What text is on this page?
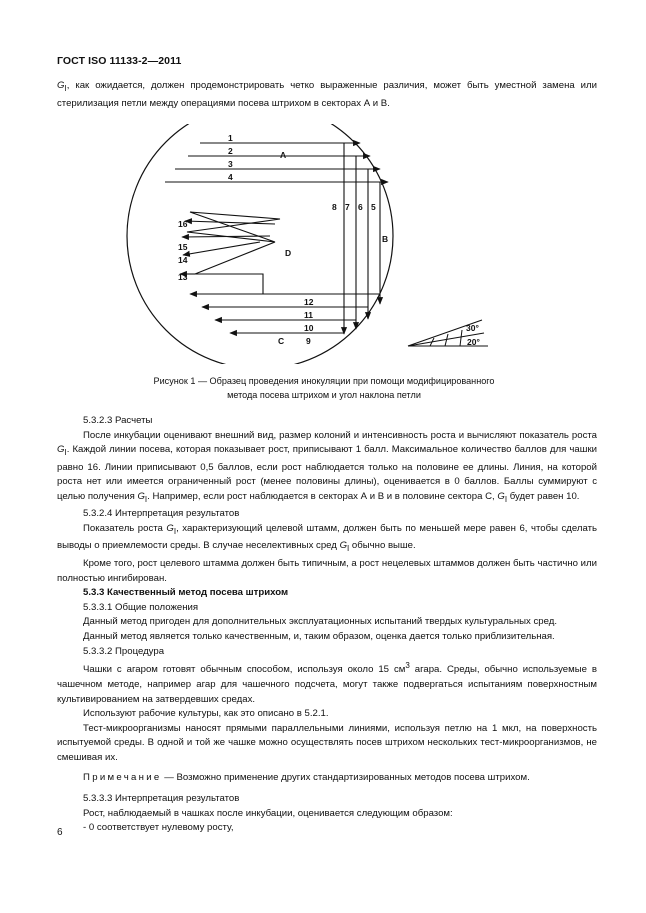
ГОСТ ISO 11133-2—2011
$G_I$, как ожидается, должен продемонстрировать четко выраженные различия, может быть уместной замена или стерилизация петли между операциями посева штрихом в секторах А и В.
1
2
3
4
A
8 7 6 5
B
12
11
10
9
C
16
15
14
13
D
30°
20°
Рисунок 1 — Образец проведения инокуляции при помощи модифицированного
метода посева штрихом и угол наклона петли

5.3.2.3 Расчеты

После инкубации оценивают внешний вид, размер колоний и интенсивность роста и вычисляют показатель роста $G_I$. Каждой линии посева, которая показывает рост, приписывают 1 балл. Максимальное количество баллов для чашки равно 16. Линии приписывают 0,5 баллов, если рост наблюдается только на половине ее длины. Линия, на которой роста нет или имеется ограниченный рост (менее половины длины), оценивается в 0 баллов. Баллы суммируют с целью получения $G_I$. Например, если рост наблюдается в секторах А и В и в половине сектора С, $G_I$ будет равен 10.

5.3.2.4 Интерпретация результатов

Показатель роста $G_I$, характеризующий целевой штамм, должен быть по меньшей мере равен 6, чтобы сделать выводы о приемлемости среды. В случае неселективных сред $G_I$ обычно выше.

Кроме того, рост целевого штамма должен быть типичным, а рост нецелевых штаммов должен быть частично или полностью ингибирован.

5.3.3 Качественный метод посева штрихом

5.3.3.1 Общие положения

Данный метод пригоден для дополнительных эксплуатационных испытаний твердых культуральных сред.

Данный метод является только качественным, и, таким образом, оценка дается только приблизительная.

5.3.3.2 Процедура

Чашки с агаром готовят обычным способом, используя около 15 $см^3$ агара. Среды, обычно используемые в чашечном методе, например агар для чашечного подсчета, могут также подвергаться испытаниям поверхностным культивированием на затвердевших средах.

Используют рабочие культуры, как это описано в 5.2.1.

Тест-микроорганизмы наносят прямыми параллельными линиями, используя петлю на 1 мкл, на поверхность испытуемой среды. В одной и той же чашке можно осуществлять посев штрихом нескольких тест-микроорганизмов, не смешивая их.

Примечание — Возможно применение других стандартизированных методов посева штрихом.

5.3.3.3 Интерпретация результатов

Рост, наблюдаемый в чашках после инкубации, оценивается следующим образом:

- 0 соответствует нулевому росту,

6
